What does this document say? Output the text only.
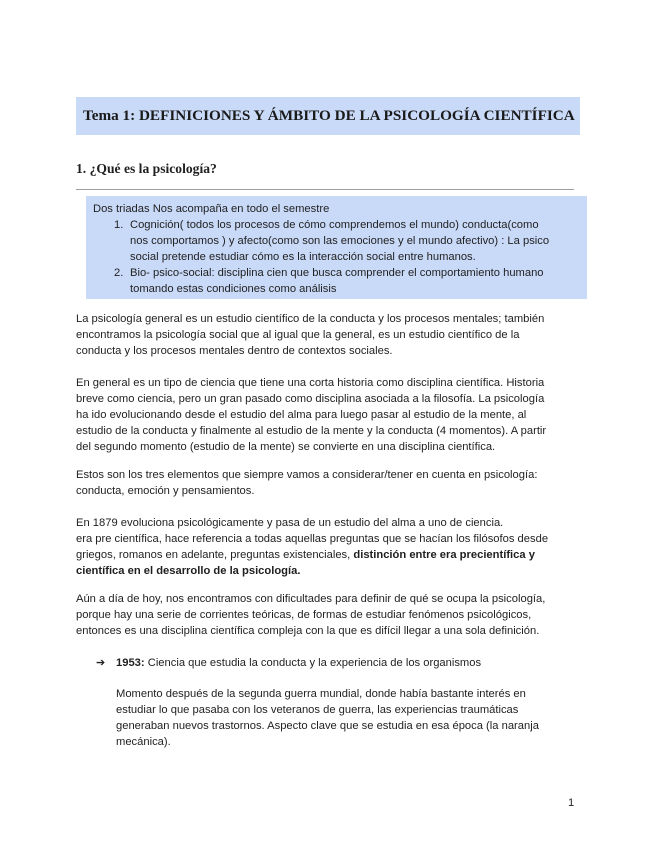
Tema 1: DEFINICIONES Y ÁMBITO DE LA PSICOLOGÍA CIENTÍFICA
1. ¿Qué es la psicología?

Dos triadas Nos acompaña en todo el semestre

1. Cognición( todos los procesos de cómo comprendemos el mundo) conducta(como
nos comportamos ) y afecto(como son las emociones y el mundo afectivo) : La psico
social pretende estudiar cómo es la interacción social entre humanos.
2. Bio- psico-social: disciplina cien que busca comprender el comportamiento humano
tomando estas condiciones como análisis
La psicología general es un estudio científico de la conducta y los procesos mentales; también
encontramos la psicología social que al igual que la general, es un estudio científico de la
conducta y los procesos mentales dentro de contextos sociales.
En general es un tipo de ciencia que tiene una corta historia como disciplina científica. Historia
breve como ciencia, pero un gran pasado como disciplina asociada a la filosofía. La psicología
ha ido evolucionando desde el estudio del alma para luego pasar al estudio de la mente, al
estudio de la conducta y finalmente al estudio de la mente y la conducta (4 momentos). A partir
del segundo momento (estudio de la mente) se convierte en una disciplina científica.
Estos son los tres elementos que siempre vamos a considerar/tener en cuenta en psicología:
conducta, emoción y pensamientos.
En 1879 evoluciona psicológicamente y pasa de un estudio del alma a uno de ciencia.
era pre científica, hace referencia a todas aquellas preguntas que se hacían los filósofos desde
griegos, romanos en adelante, preguntas existenciales, distinción entre era precientífica y
científica en el desarrollo de la psicología.
Aún a día de hoy, nos encontramos con dificultades para definir de qué se ocupa la psicología,
porque hay una serie de corrientes teóricas, de formas de estudiar fenómenos psicológicos,
entonces es una disciplina científica compleja con la que es difícil llegar a una sola definición.
➔ 1953: Ciencia que estudia la conducta y la experiencia de los organismos
Momento después de la segunda guerra mundial, donde había bastante interés en
estudiar lo que pasaba con los veteranos de guerra, las experiencias traumáticas
generaban nuevos trastornos. Aspecto clave que se estudia en esa época (la naranja
mecánica).
1
